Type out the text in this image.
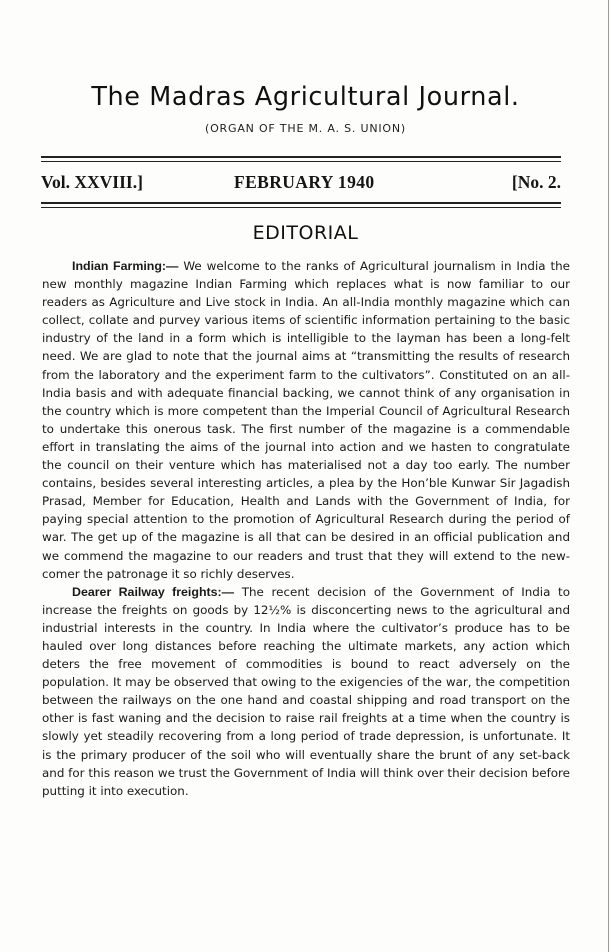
The Madras Agricultural Journal.
(ORGAN OF THE M. A. S. UNION)
Vol. XXVIII.]	FEBRUARY 1940	[No. 2.
EDITORIAL

Indian Farming:— We welcome to the ranks of Agricultural journalism in India the new monthly magazine Indian Farming which replaces what is now familiar to our readers as Agriculture and Live stock in India. An all-India monthly magazine which can collect, collate and purvey various items of scientific information pertaining to the basic industry of the land in a form which is intelligible to the layman has been a long-felt need. We are glad to note that the journal aims at “transmitting the results of research from the laboratory and the experiment farm to the cultivators”. Constituted on an all-India basis and with adequate financial backing, we cannot think of any organisation in the country which is more competent than the Imperial Council of Agricultural Research to undertake this onerous task. The first number of the magazine is a commendable effort in translating the aims of the journal into action and we hasten to congratulate the council on their venture which has materialised not a day too early. The number contains, besides several interesting articles, a plea by the Hon’ble Kunwar Sir Jagadish Prasad, Member for Education, Health and Lands with the Government of India, for paying special attention to the promotion of Agricultural Research during the period of war. The get up of the magazine is all that can be desired in an official publication and we commend the magazine to our readers and trust that they will extend to the new-comer the patronage it so richly deserves.

Dearer Railway freights:— The recent decision of the Government of India to increase the freights on goods by 12½% is disconcerting news to the agricultural and industrial interests in the country. In India where the cultivator’s produce has to be hauled over long distances before reaching the ultimate markets, any action which deters the free movement of commodities is bound to react adversely on the population. It may be observed that owing to the exigencies of the war, the competition between the railways on the one hand and coastal shipping and road transport on the other is fast waning and the decision to raise rail freights at a time when the country is slowly yet steadily recovering from a long period of trade depression, is unfortunate. It is the primary producer of the soil who will eventually share the brunt of any set-back and for this reason we trust the Government of India will think over their decision before putting it into execution.
